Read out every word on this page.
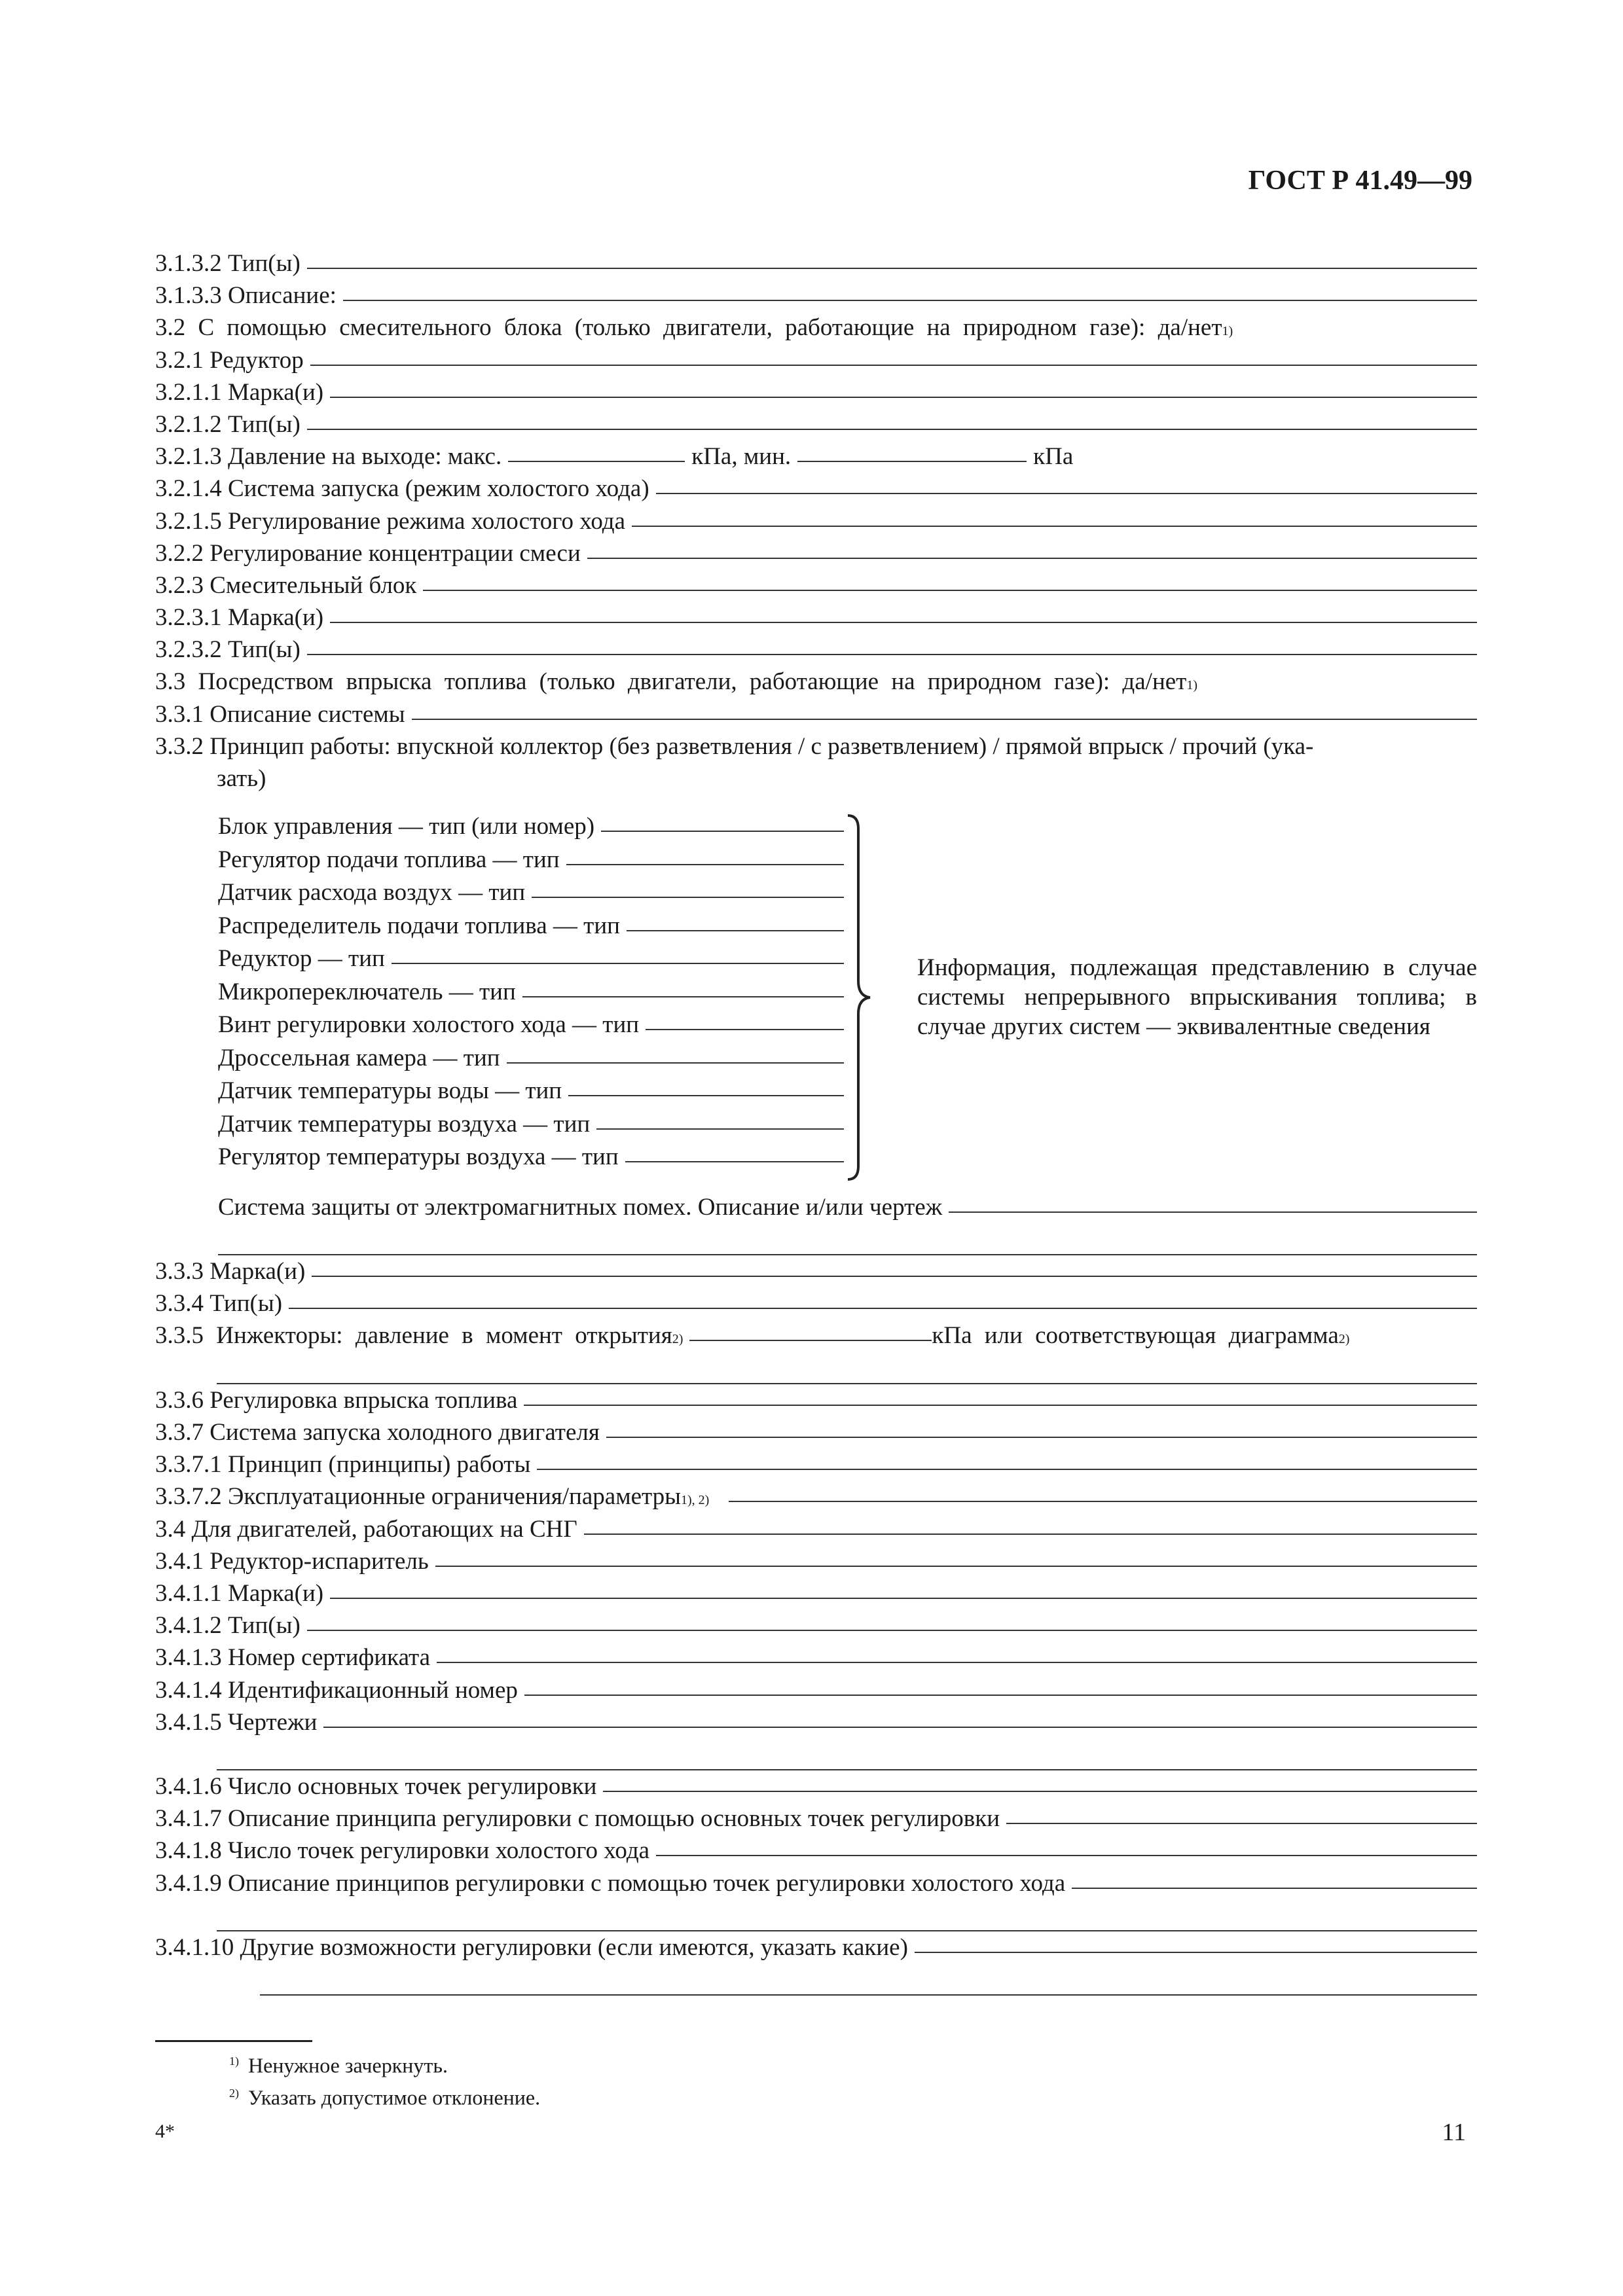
ГОСТ Р 41.49—99
3.1.3.2 Тип(ы)
3.1.3.3 Описание:
3.2 С помощью смесительного блока (только двигатели, работающие на природном газе): да/нет 1)
3.2.1 Редуктор
3.2.1.1 Марка(и)
3.2.1.2 Тип(ы)
3.2.1.3 Давление на выходе: макс.	кПа, мин.	кПа
3.2.1.4 Система запуска (режим холостого хода)
3.2.1.5 Регулирование режима холостого хода
3.2.2 Регулирование концентрации смеси
3.2.3 Смесительный блок
3.2.3.1 Марка(и)
3.2.3.2 Тип(ы)
3.3 Посредством впрыска топлива (только двигатели, работающие на природном газе): да/нет 1)
3.3.1 Описание системы
3.3.2 Принцип работы: впускной коллектор (без разветвления / с разветвлением) / прямой впрыск / прочий (ука-
зать)
Блок управления — тип (или номер)
Регулятор подачи топлива — тип
Датчик расхода воздух — тип
Распределитель подачи топлива — тип
Редуктор — тип
Микропереключатель — тип
Винт регулировки холостого хода — тип
Дроссельная камера — тип
Датчик температуры воды — тип
Датчик температуры воздуха — тип
Регулятор температуры воздуха — тип
Информация, подлежащая представлению в случае системы непрерывного впрыскивания топлива; в случае других систем — эквивалентные сведения
Система защиты от электромагнитных помех. Описание и/или чертеж
3.3.3 Марка(и)
3.3.4 Тип(ы)
3.3.5 Инжекторы: давление в момент открытия 2)	кПа или соответствующая диаграмма 2)
3.3.6 Регулировка впрыска топлива
3.3.7 Система запуска холодного двигателя
3.3.7.1 Принцип (принципы) работы
3.3.7.2 Эксплуатационные ограничения/параметры 1), 2)
3.4 Для двигателей, работающих на СНГ
3.4.1 Редуктор-испаритель
3.4.1.1 Марка(и)
3.4.1.2 Тип(ы)
3.4.1.3 Номер сертификата
3.4.1.4 Идентификационный номер
3.4.1.5 Чертежи
3.4.1.6 Число основных точек регулировки
3.4.1.7 Описание принципа регулировки с помощью основных точек регулировки
3.4.1.8 Число точек регулировки холостого хода
3.4.1.9 Описание принципов регулировки с помощью точек регулировки холостого хода
3.4.1.10 Другие возможности регулировки (если имеются, указать какие)
$^{1)}$ Ненужное зачеркнуть.
$^{2)}$ Указать допустимое отклонение.
4*	11
